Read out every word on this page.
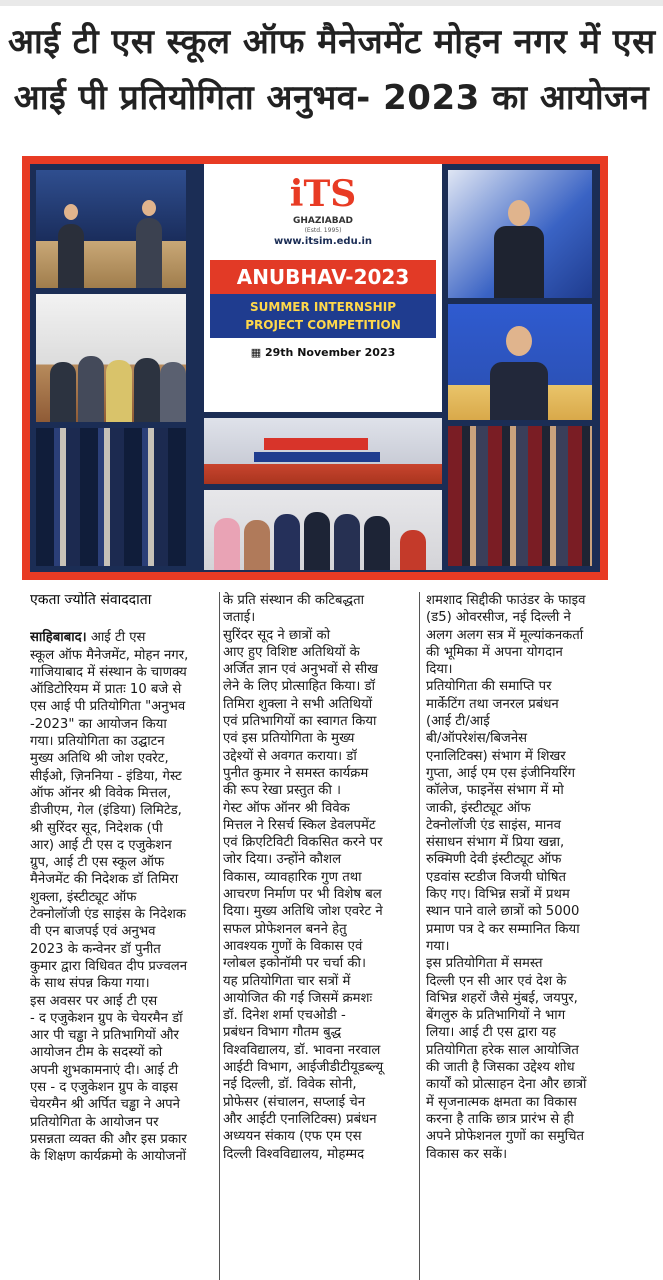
आई टी एस स्कूल ऑफ मैनेजमेंट मोहन नगर में एस
आई पी प्रतियोगिता अनुभव- 2023 का आयोजन
iTS
GHAZIABAD
(Estd. 1995)
www.itsim.edu.in
ANUBHAV-2023
SUMMER INTERNSHIP
PROJECT COMPETITION
▦ 29th November 2023

एकता ज्योति संवाददाता

साहिबाबाद। आई टी एस
स्कूल ऑफ मैनेजमेंट, मोहन नगर,
गाजियाबाद में संस्थान के चाणक्य
ऑडिटोरियम में प्रातः 10 बजे से
एस आई पी प्रतियोगिता "अनुभव
-2023" का आयोजन किया
गया। प्रतियोगिता का उद्घाटन
मुख्य अतिथि श्री जोश एवरेट,
सीईओ, ज़िननिया - इंडिया, गेस्ट
ऑफ ऑनर श्री विवेक मित्तल,
डीजीएम, गेल (इंडिया) लिमिटेड,
श्री सुरिंदर सूद, निदेशक (पी
आर) आई टी एस द एजुकेशन
ग्रुप, आई टी एस स्कूल ऑफ
मैनेजमेंट की निदेशक डॉ तिमिरा
शुक्ला, इंस्टीट्यूट ऑफ
टेक्नोलॉजी एंड साइंस के निदेशक
वी एन बाजपई एवं अनुभव
2023 के कन्वेनर डॉ पुनीत
कुमार द्वारा विधिवत दीप प्रज्वलन
के साथ संपन्न किया गया।

इस अवसर पर आई टी एस
- द एजुकेशन ग्रुप के चेयरमैन डॉ
आर पी चड्ढा ने प्रतिभागियों और
आयोजन टीम के सदस्यों को
अपनी शुभकामनाएं दी। आई टी
एस - द एजुकेशन ग्रुप के वाइस
चेयरमैन श्री अर्पित चड्ढा ने अपने
प्रतियोगिता के आयोजन पर
प्रसन्नता व्यक्त की और इस प्रकार
के शिक्षण कार्यक्रमो के आयोजनों

के प्रति संस्थान की कटिबद्धता
जताई।

सुरिंदर सूद ने छात्रों को
आए हुए विशिष्ट अतिथियों के
अर्जित ज्ञान एवं अनुभवों से सीख
लेने के लिए प्रोत्साहित किया। डॉ
तिमिरा शुक्ला ने सभी अतिथियों
एवं प्रतिभागियों का स्वागत किया
एवं इस प्रतियोगिता के मुख्य
उद्देश्यों से अवगत कराया। डॉ
पुनीत कुमार ने समस्त कार्यक्रम
की रूप रेखा प्रस्तुत की ।

गेस्ट ऑफ ऑनर श्री विवेक
मित्तल ने रिसर्च स्किल डेवलपमेंट
एवं क्रिएटिविटी विकसित करने पर
जोर दिया। उन्होंने कौशल
विकास, व्यावहारिक गुण तथा
आचरण निर्माण पर भी विशेष बल
दिया। मुख्य अतिथि जोश एवरेट ने
सफल प्रोफेशनल बनने हेतु
आवश्यक गुणों के विकास एवं
ग्लोबल इकोनॉमी पर चर्चा की।

यह प्रतियोगिता चार सत्रों में
आयोजित की गई जिसमें क्रमशः
डॉ. दिनेश शर्मा एचओडी -
प्रबंधन विभाग गौतम बुद्ध
विश्वविद्यालय, डॉ. भावना नरवाल
आईटी विभाग, आईजीडीटीयूडब्ल्यू
नई दिल्ली, डॉ. विवेक सोनी,
प्रोफेसर (संचालन, सप्लाई चेन
और आईटी एनालिटिक्स) प्रबंधन
अध्ययन संकाय (एफ एम एस
दिल्ली विश्वविद्यालय, मोहम्मद

शमशाद सिद्दीकी फाउंडर के फाइव
(ड5) ओवरसीज, नई दिल्ली ने
अलग अलग सत्र में मूल्यांकनकर्ता
की भूमिका में अपना योगदान
दिया।

प्रतियोगिता की समाप्ति पर
मार्केटिंग तथा जनरल प्रबंधन
(आई टी/आई
बी/ऑपरेशंस/बिजनेस
एनालिटिक्स) संभाग में शिखर
गुप्ता, आई एम एस इंजीनियरिंग
कॉलेज, फाइनेंस संभाग में मो
जाकी, इंस्टीट्यूट ऑफ
टेक्नोलॉजी एंड साइंस, मानव
संसाधन संभाग में प्रिया खन्ना,
रुक्मिणी देवी इंस्टीट्यूट ऑफ
एडवांस स्टडीज विजयी घोषित
किए गए। विभिन्न सत्रों में प्रथम
स्थान पाने वाले छात्रों को 5000
प्रमाण पत्र दे कर सम्मानित किया
गया।

इस प्रतियोगिता में समस्त
दिल्ली एन सी आर एवं देश के
विभिन्न शहरों जैसे मुंबई, जयपुर,
बेंगलुरु के प्रतिभागियों ने भाग
लिया। आई टी एस द्वारा यह
प्रतियोगिता हरेक साल आयोजित
की जाती है जिसका उद्देश्य शोध
कार्यों को प्रोत्साहन देना और छात्रों
में सृजनात्मक क्षमता का विकास
करना है ताकि छात्र प्रारंभ से ही
अपने प्रोफेशनल गुणों का समुचित
विकास कर सकें।
